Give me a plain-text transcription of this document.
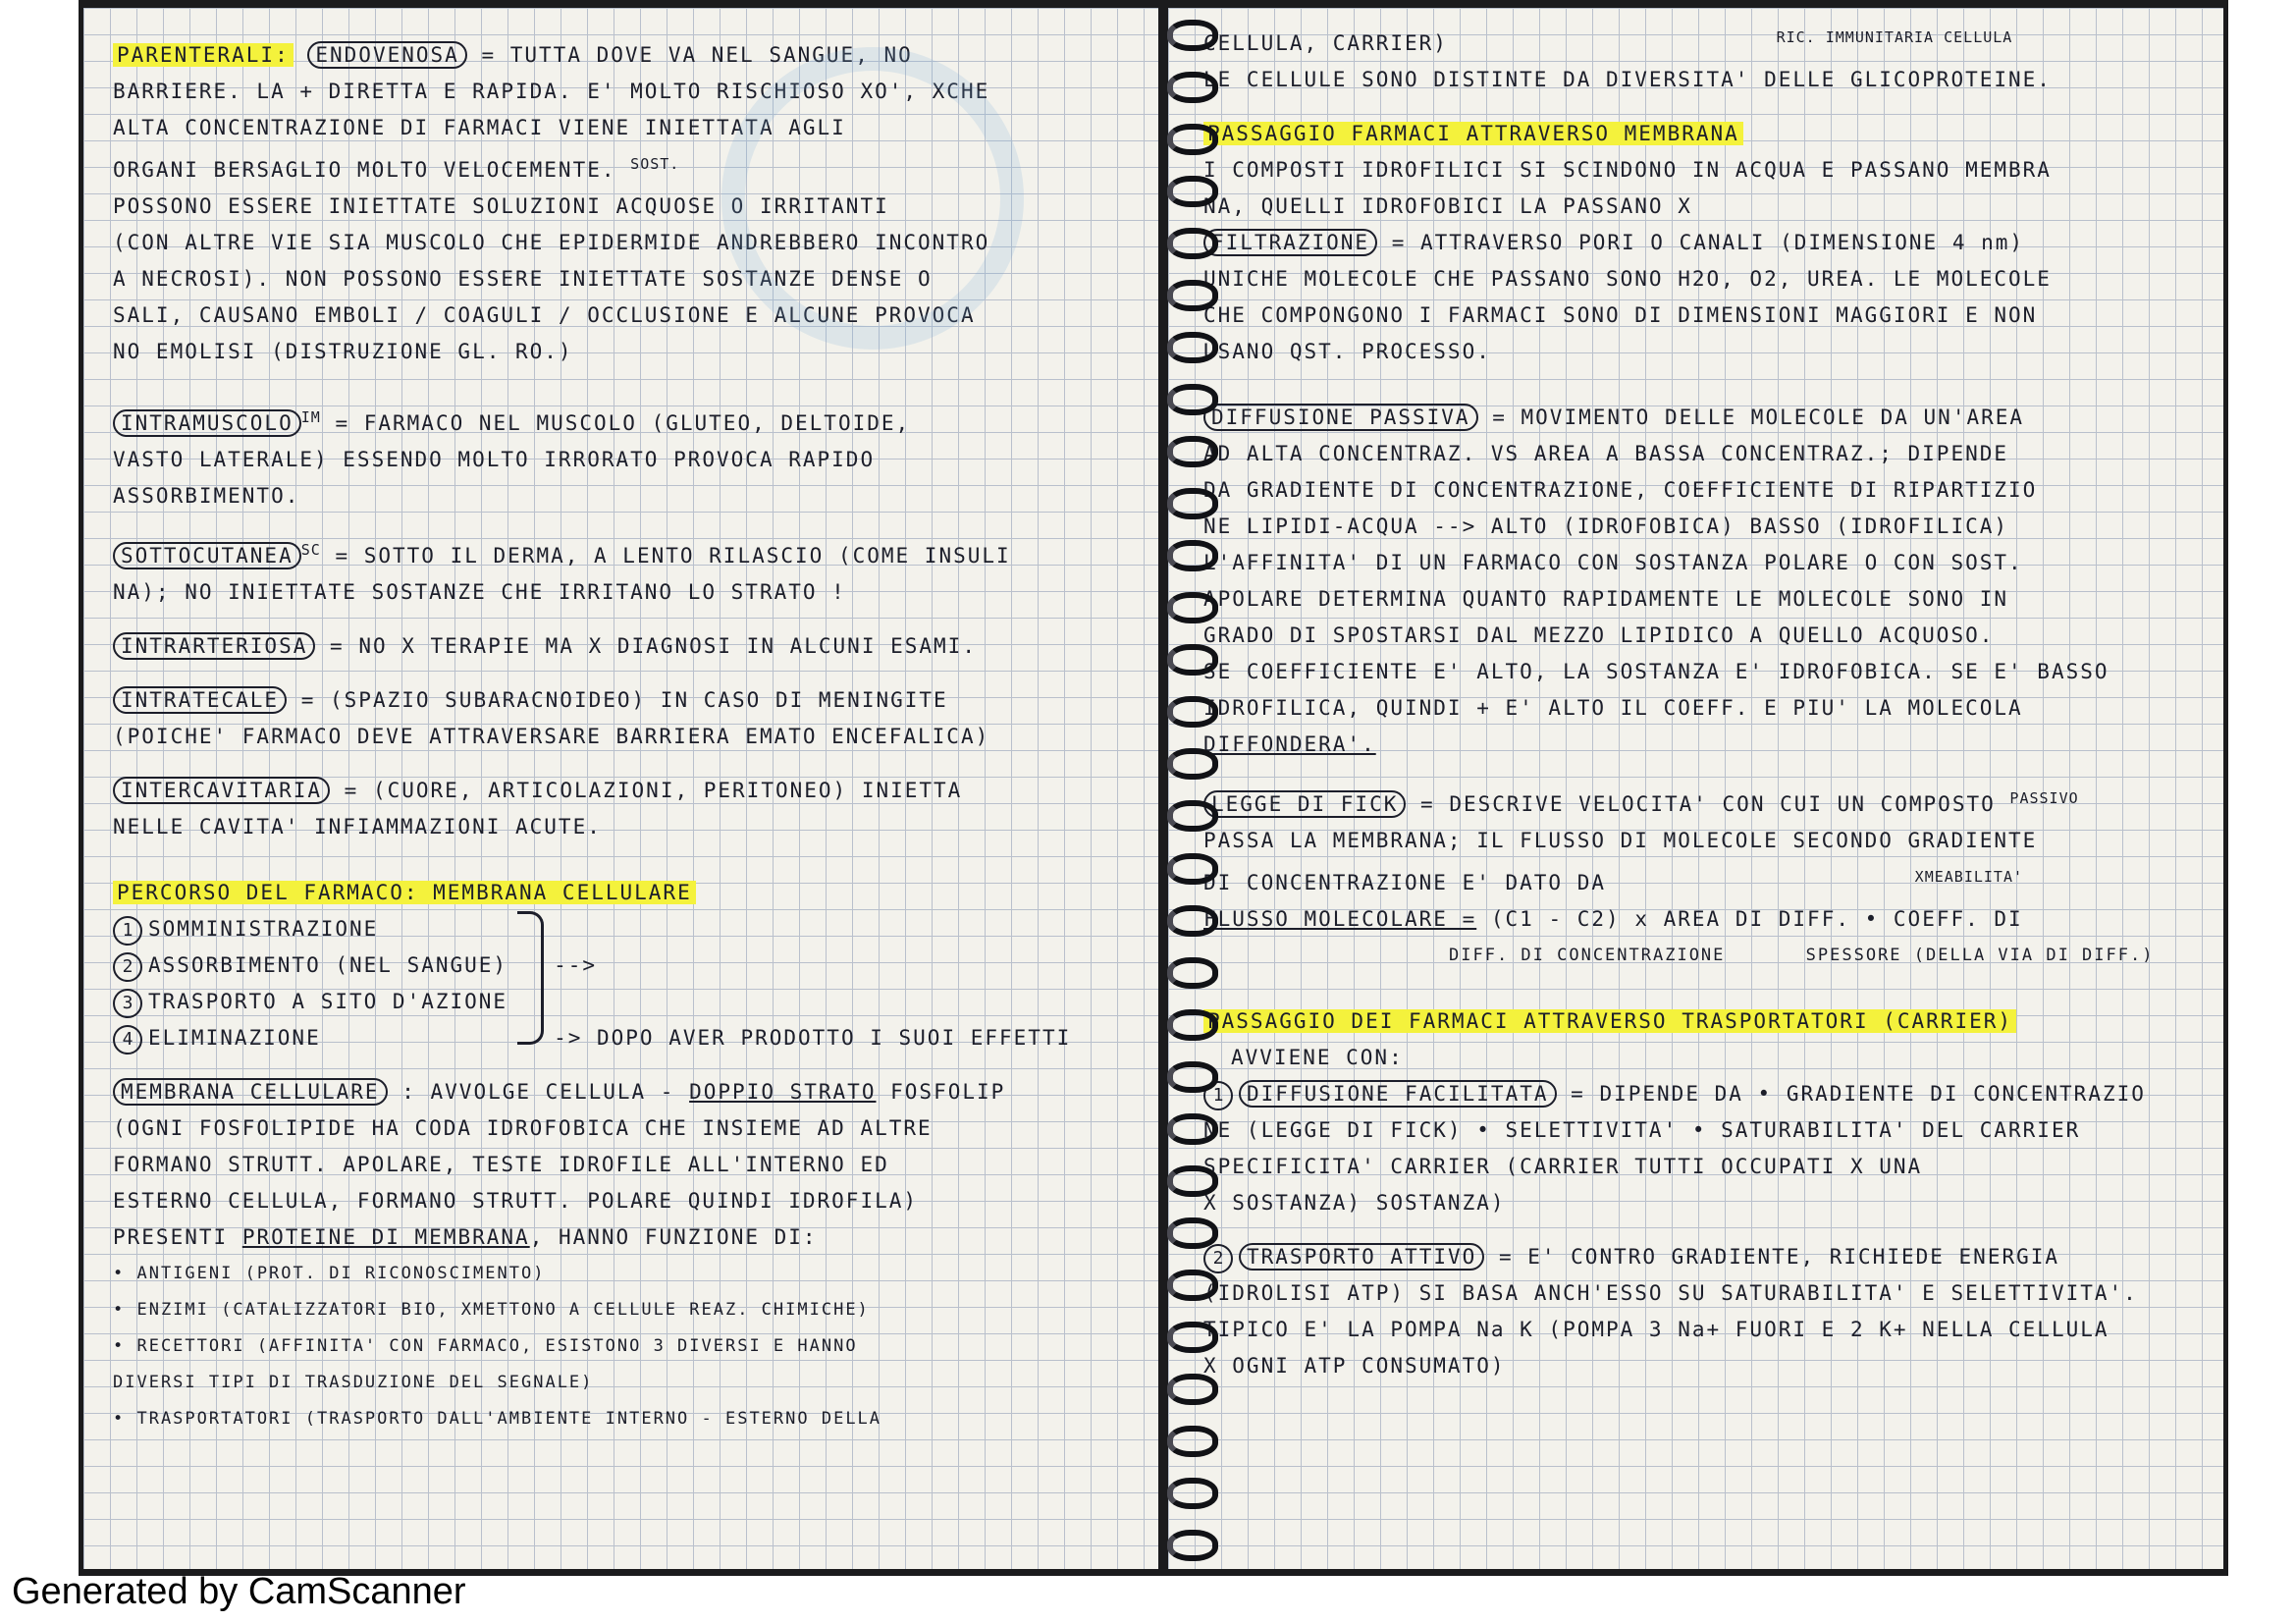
PARENTERALI: ENDOVENOSA = TUTTA DOVE VA NEL SANGUE, NO
BARRIERE. LA + DIRETTA E RAPIDA. E' MOLTO RISCHIOSO XO', XCHE
ALTA CONCENTRAZIONE DI FARMACI VIENE INIETTATA AGLI
ORGANI BERSAGLIO MOLTO VELOCEMENTE. $^{SOST.}$
POSSONO ESSERE INIETTATE SOLUZIONI ACQUOSE O IRRITANTI
(CON ALTRE VIE SIA MUSCOLO CHE EPIDERMIDE ANDREBBERO INCONTRO
A NECROSI). NON POSSONO ESSERE INIETTATE SOSTANZE DENSE O
SALI, CAUSANO EMBOLI / COAGULI / OCCLUSIONE E ALCUNE PROVOCA
NO EMOLISI (DISTRUZIONE GL. RO.)
INTRAMUSCOLO $^{IM}$ = FARMACO NEL MUSCOLO (GLUTEO, DELTOIDE,
VASTO LATERALE) ESSENDO MOLTO IRRORATO PROVOCA RAPIDO
ASSORBIMENTO.
SOTTOCUTANEA $^{SC}$ = SOTTO IL DERMA, A LENTO RILASCIO (COME INSULI
NA); NO INIETTATE SOSTANZE CHE IRRITANO LO STRATO !
INTRARTERIOSA = NO X TERAPIE MA X DIAGNOSI IN ALCUNI ESAMI.
INTRATECALE = (SPAZIO SUBARACNOIDEO) IN CASO DI MENINGITE
(POICHE' FARMACO DEVE ATTRAVERSARE BARRIERA EMATO ENCEFALICA)
INTERCAVITARIA = (CUORE, ARTICOLAZIONI, PERITONEO) INIETTA
NELLE CAVITA' INFIAMMAZIONI ACUTE.
PERCORSO DEL FARMACO: MEMBRANA CELLULARE
1 SOMMINISTRAZIONE
2 ASSORBIMENTO (NEL SANGUE)
3 TRASPORTO A SITO D'AZIONE
4 ELIMINAZIONE
-->
-> DOPO AVER PRODOTTO I SUOI EFFETTI
MEMBRANA CELLULARE : AVVOLGE CELLULA - DOPPIO STRATO FOSFOLIP
(OGNI FOSFOLIPIDE HA CODA IDROFOBICA CHE INSIEME AD ALTRE
FORMANO STRUTT. APOLARE, TESTE IDROFILE ALL'INTERNO ED
ESTERNO CELLULA, FORMANO STRUTT. POLARE QUINDI IDROFILA)
PRESENTI PROTEINE DI MEMBRANA, HANNO FUNZIONE DI:
• ANTIGENI (PROT. DI RICONOSCIMENTO)
• ENZIMI (CATALIZZATORI BIO, XMETTONO A CELLULE REAZ. CHIMICHE)
• RECETTORI (AFFINITA' CON FARMACO, ESISTONO 3 DIVERSI E HANNO
DIVERSI TIPI DI TRASDUZIONE DEL SEGNALE)
• TRASPORTATORI (TRASPORTO DALL'AMBIENTE INTERNO - ESTERNO DELLA
CELLULA, CARRIER)	$^{RIC. IMMUNITARIA CELLULA}$
LE CELLULE SONO DISTINTE DA DIVERSITA' DELLE GLICOPROTEINE.
PASSAGGIO FARMACI ATTRAVERSO MEMBRANA
I COMPOSTI IDROFILICI SI SCINDONO IN ACQUA E PASSANO MEMBRA
NA, QUELLI IDROFOBICI LA PASSANO X
FILTRAZIONE = ATTRAVERSO PORI O CANALI (DIMENSIONE 4 nm)
UNICHE MOLECOLE CHE PASSANO SONO H2O, O2, UREA. LE MOLECOLE
CHE COMPONGONO I FARMACI SONO DI DIMENSIONI MAGGIORI E NON
USANO QST. PROCESSO.
DIFFUSIONE PASSIVA = MOVIMENTO DELLE MOLECOLE DA UN'AREA
AD ALTA CONCENTRAZ. VS AREA A BASSA CONCENTRAZ.; DIPENDE
DA GRADIENTE DI CONCENTRAZIONE, COEFFICIENTE DI RIPARTIZIO
NE LIPIDI-ACQUA --> ALTO (IDROFOBICA) BASSO (IDROFILICA)
L'AFFINITA' DI UN FARMACO CON SOSTANZA POLARE O CON SOST.
APOLARE DETERMINA QUANTO RAPIDAMENTE LE MOLECOLE SONO IN
GRADO DI SPOSTARSI DAL MEZZO LIPIDICO A QUELLO ACQUOSO.
SE COEFFICIENTE E' ALTO, LA SOSTANZA E' IDROFOBICA. SE E' BASSO
IDROFILICA, QUINDI + E' ALTO IL COEFF. E PIU' LA MOLECOLA
DIFFONDERA'.
LEGGE DI FICK = DESCRIVE VELOCITA' CON CUI UN COMPOSTO $^{PASSIVO}$
PASSA LA MEMBRANA; IL FLUSSO DI MOLECOLE SECONDO GRADIENTE
DI CONCENTRAZIONE E' DATO DA	$^{XMEABILITA'}$
FLUSSO MOLECOLARE = (C1 - C2) x AREA DI DIFF. • COEFF. DI
DIFF. DI CONCENTRAZIONE	SPESSORE (DELLA VIA DI DIFF.)
PASSAGGIO DEI FARMACI ATTRAVERSO TRASPORTATORI (CARRIER)
AVVIENE CON:
1 DIFFUSIONE FACILITATA = DIPENDE DA • GRADIENTE DI CONCENTRAZIO
NE (LEGGE DI FICK) • SELETTIVITA' • SATURABILITA' DEL CARRIER
SPECIFICITA' CARRIER (CARRIER TUTTI OCCUPATI X UNA
X SOSTANZA) SOSTANZA)
2 TRASPORTO ATTIVO = E' CONTRO GRADIENTE, RICHIEDE ENERGIA
(IDROLISI ATP) SI BASA ANCH'ESSO SU SATURABILITA' E SELETTIVITA'.
TIPICO E' LA POMPA Na K (POMPA 3 Na+ FUORI E 2 K+ NELLA CELLULA
X OGNI ATP CONSUMATO)
Generated by CamScanner
